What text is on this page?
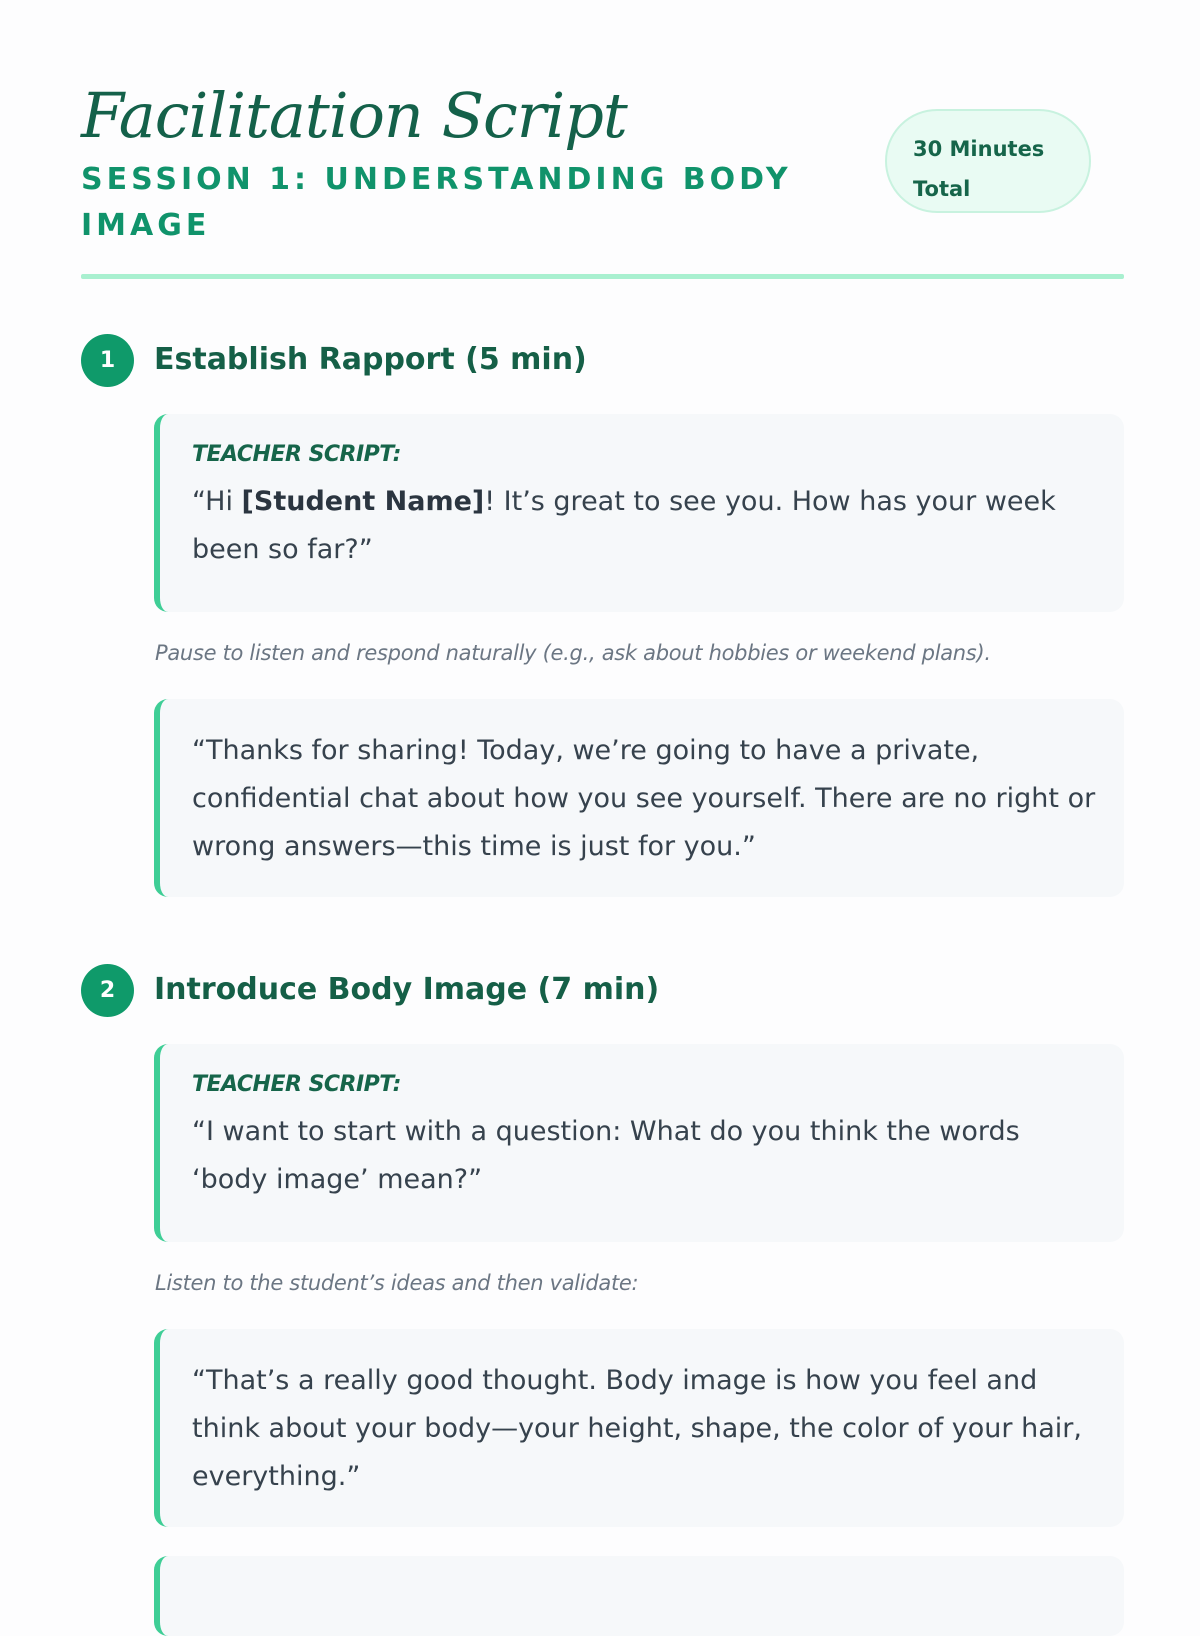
Facilitation Script
SESSION 1: UNDERSTANDING BODY IMAGE
30 Minutes
Total
1	Establish Rapport (5 min)
TEACHER SCRIPT:

“Hi [Student Name]! It’s great to see you. How has your week been so far?”

Pause to listen and respond naturally (e.g., ask about hobbies or weekend plans).

“Thanks for sharing! Today, we’re going to have a private, confidential chat about how you see yourself. There are no right or wrong answers—this time is just for you.”

2	Introduce Body Image (7 min)
TEACHER SCRIPT:

“I want to start with a question: What do you think the words ‘body image’ mean?”

Listen to the student’s ideas and then validate:

“That’s a really good thought. Body image is how you feel and think about your body—your height, shape, the color of your hair, everything.”
